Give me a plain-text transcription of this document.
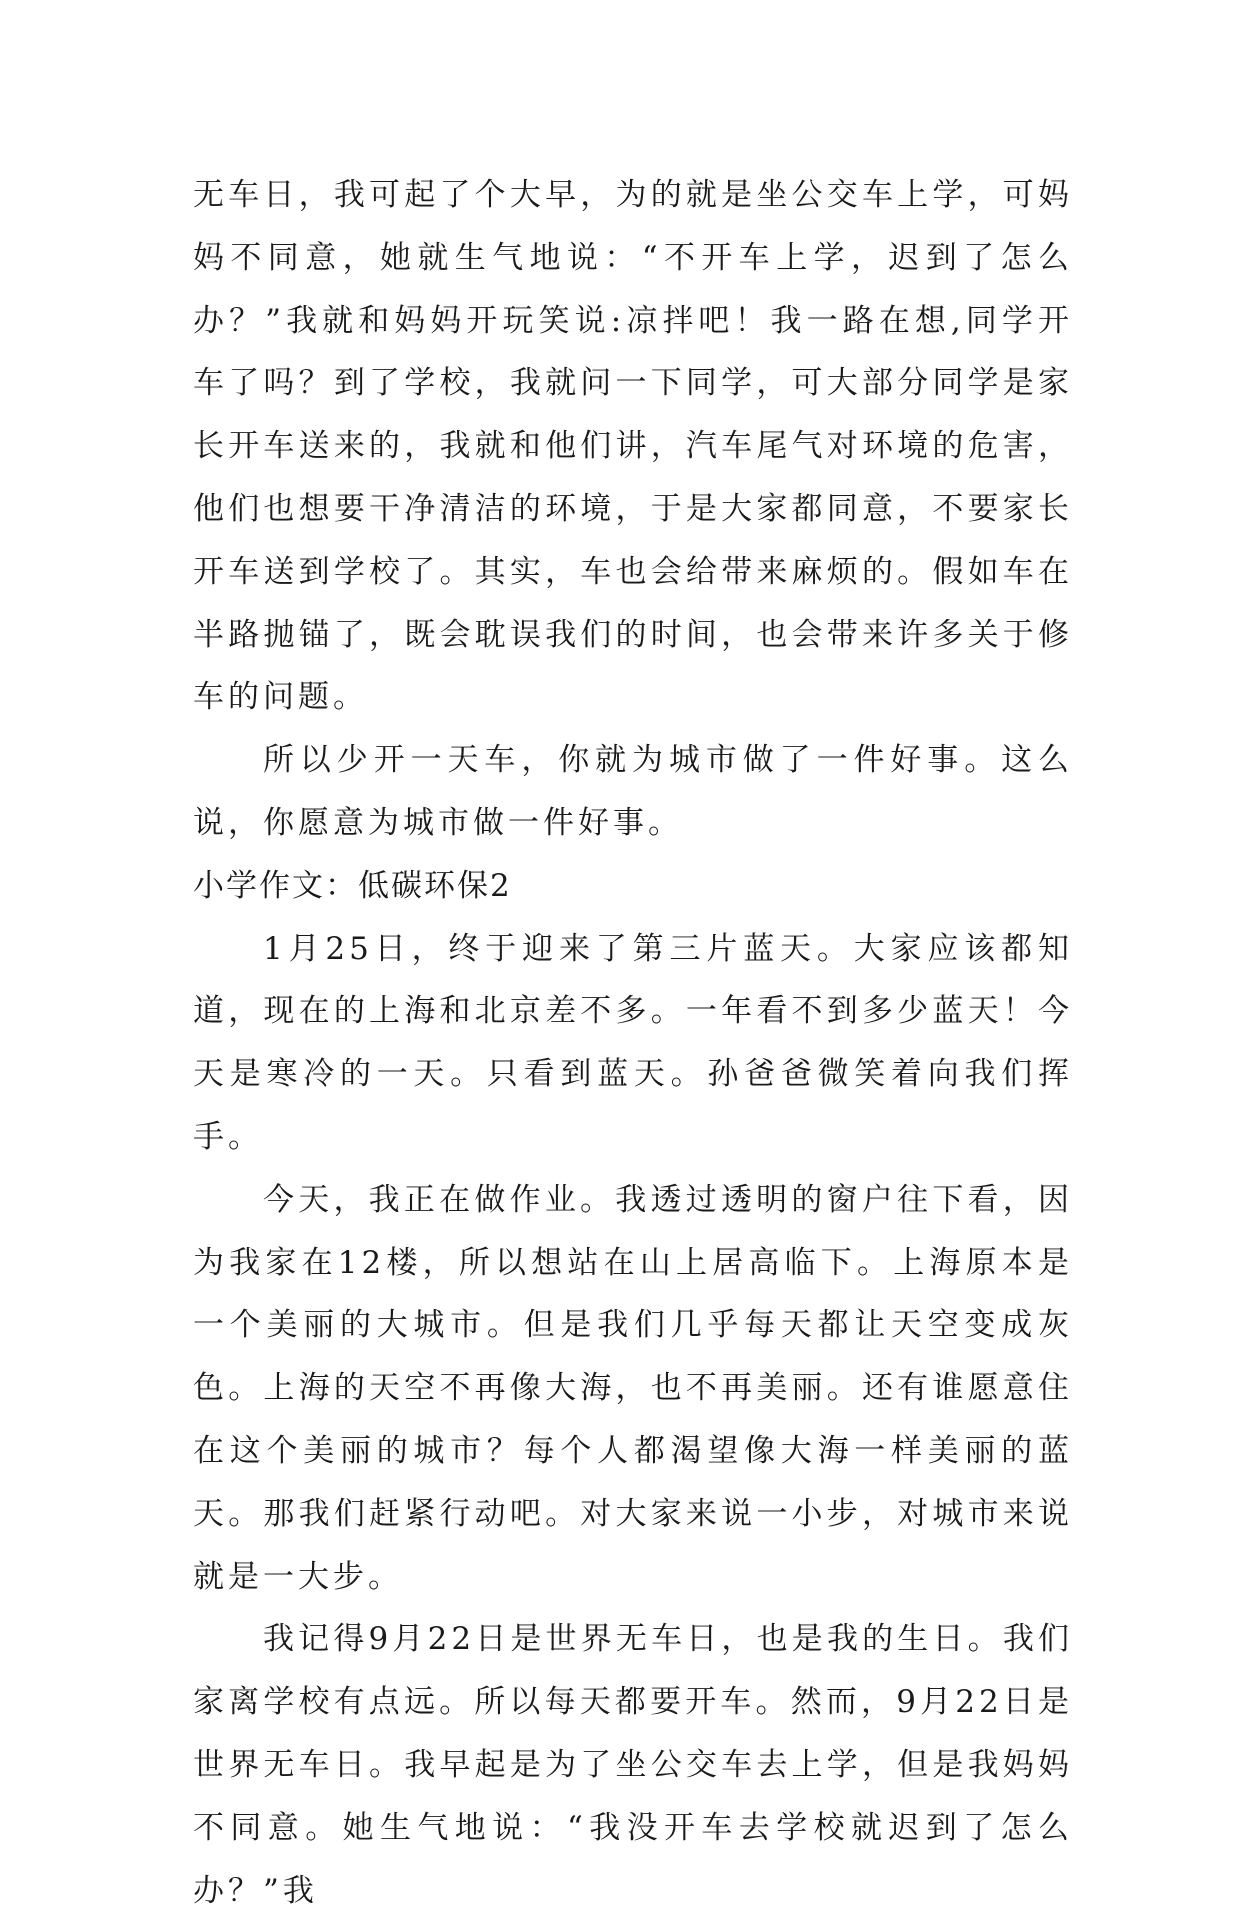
无车日，我可起了个大早，为的就是坐公交车上学，可妈妈不同意，她就生气地说：“不开车上学，迟到了怎么办？”我就和妈妈开玩笑说:凉拌吧！我一路在想,同学开车了吗？到了学校，我就问一下同学，可大部分同学是家长开车送来的，我就和他们讲，汽车尾气对环境的危害，他们也想要干净清洁的环境，于是大家都同意，不要家长开车送到学校了。其实，车也会给带来麻烦的。假如车在半路抛锚了，既会耽误我们的时间，也会带来许多关于修车的问题。

所以少开一天车，你就为城市做了一件好事。这么说，你愿意为城市做一件好事。

小学作文：低碳环保2

1月25日，终于迎来了第三片蓝天。大家应该都知道，现在的上海和北京差不多。一年看不到多少蓝天！今天是寒冷的一天。只看到蓝天。孙爸爸微笑着向我们挥手。

今天，我正在做作业。我透过透明的窗户往下看，因为我家在12楼，所以想站在山上居高临下。上海原本是一个美丽的大城市。但是我们几乎每天都让天空变成灰色。上海的天空不再像大海，也不再美丽。还有谁愿意住在这个美丽的城市？每个人都渴望像大海一样美丽的蓝天。那我们赶紧行动吧。对大家来说一小步，对城市来说就是一大步。

我记得9月22日是世界无车日，也是我的生日。我们家离学校有点远。所以每天都要开车。然而，9月22日是世界无车日。我早起是为了坐公交车去上学，但是我妈妈不同意。她生气地说：“我没开车去学校就迟到了怎么办？”我
